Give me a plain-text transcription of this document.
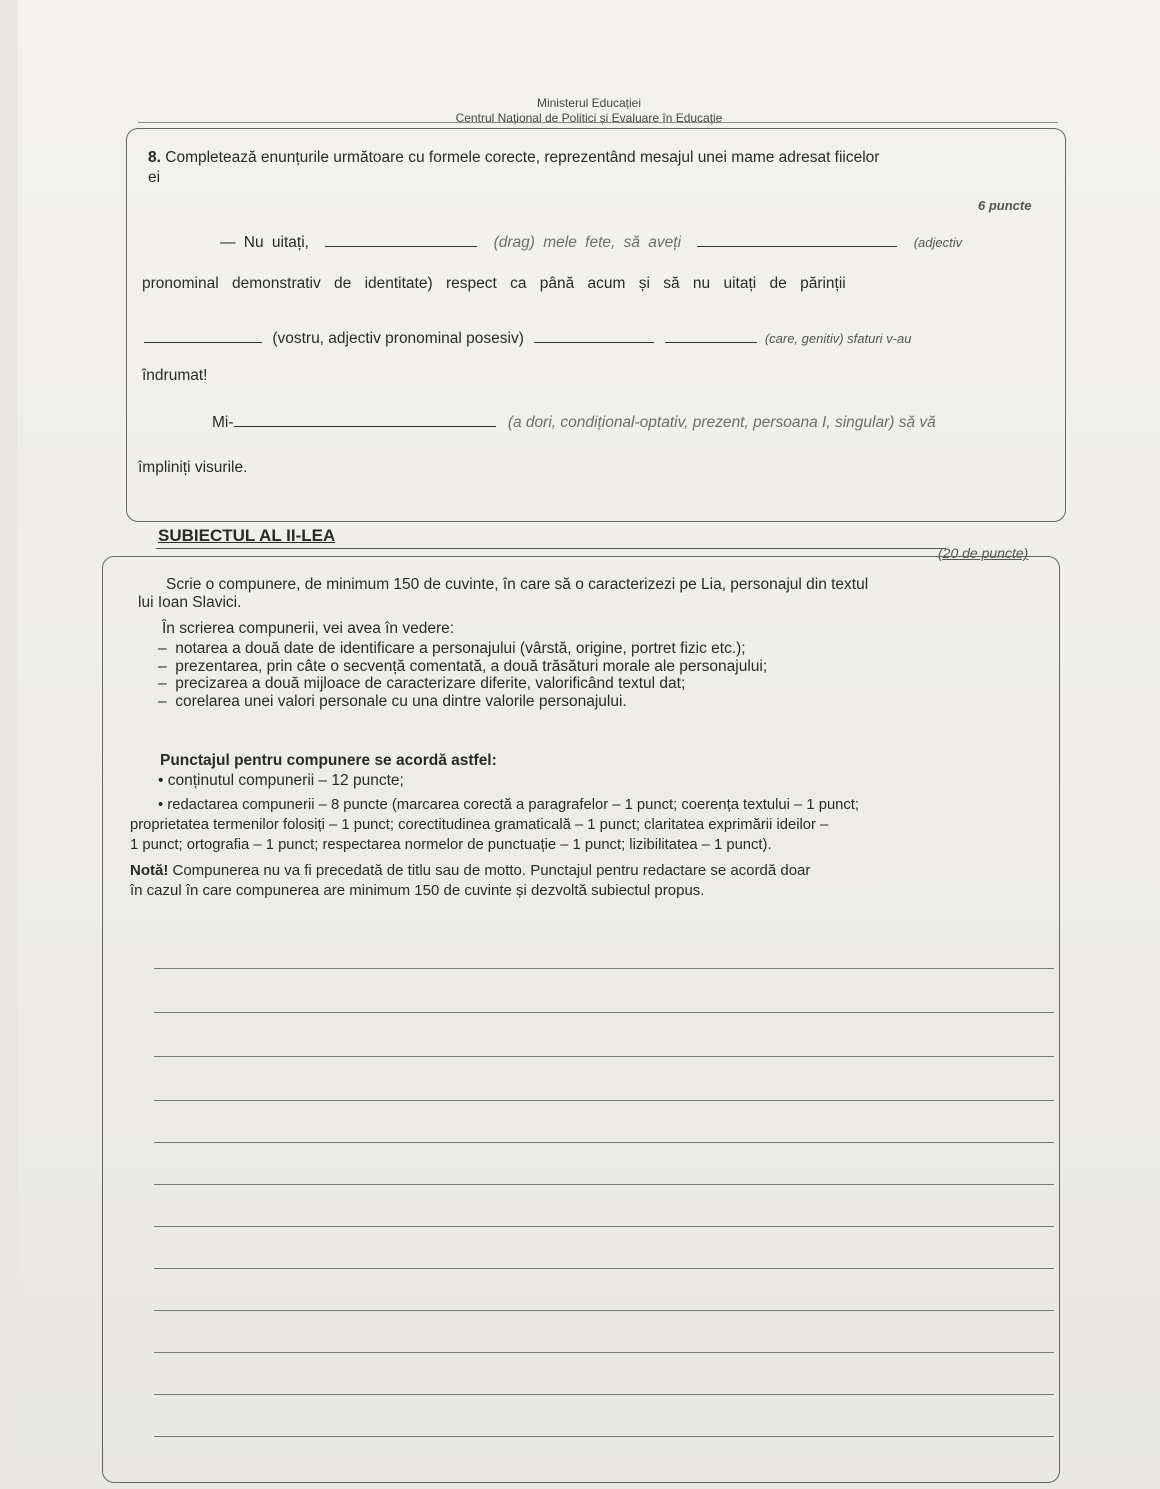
Ministerul Educației
Centrul Național de Politici și Evaluare în Educație
8. Completează enunțurile următoare cu formele corecte, reprezentând mesajul unei mame adresat fiicelor
ei
6 puncte
— Nu uitați,	(drag) mele fete, să aveți	(adjectiv
pronominal demonstrativ de identitate) respect ca până acum și să nu uitați de părinții
(vostru, adjectiv pronominal posesiv)	(care, genitiv) sfaturi v-au
îndrumat!
Mi-	(a dori, condițional-optativ, prezent, persoana I, singular) să vă
împliniți visurile.
SUBIECTUL AL II-LEA
(20 de puncte)
Scrie o compunere, de minimum 150 de cuvinte, în care să o caracterizezi pe Lia, personajul din textul
lui Ioan Slavici.
În scrierea compunerii, vei avea în vedere:
–  notarea a două date de identificare a personajului (vârstă, origine, portret fizic etc.);
–  prezentarea, prin câte o secvență comentată, a două trăsături morale ale personajului;
–  precizarea a două mijloace de caracterizare diferite, valorificând textul dat;
–  corelarea unei valori personale cu una dintre valorile personajului.
Punctajul pentru compunere se acordă astfel:
• conținutul compunerii – 12 puncte;
• redactarea compunerii – 8 puncte (marcarea corectă a paragrafelor – 1 punct; coerența textului – 1 punct;
proprietatea termenilor folosiți – 1 punct; corectitudinea gramaticală – 1 punct; claritatea exprimării ideilor –
1 punct; ortografia – 1 punct; respectarea normelor de punctuație – 1 punct; lizibilitatea – 1 punct).
Notă! Compunerea nu va fi precedată de titlu sau de motto. Punctajul pentru redactare se acordă doar
în cazul în care compunerea are minimum 150 de cuvinte și dezvoltă subiectul propus.
